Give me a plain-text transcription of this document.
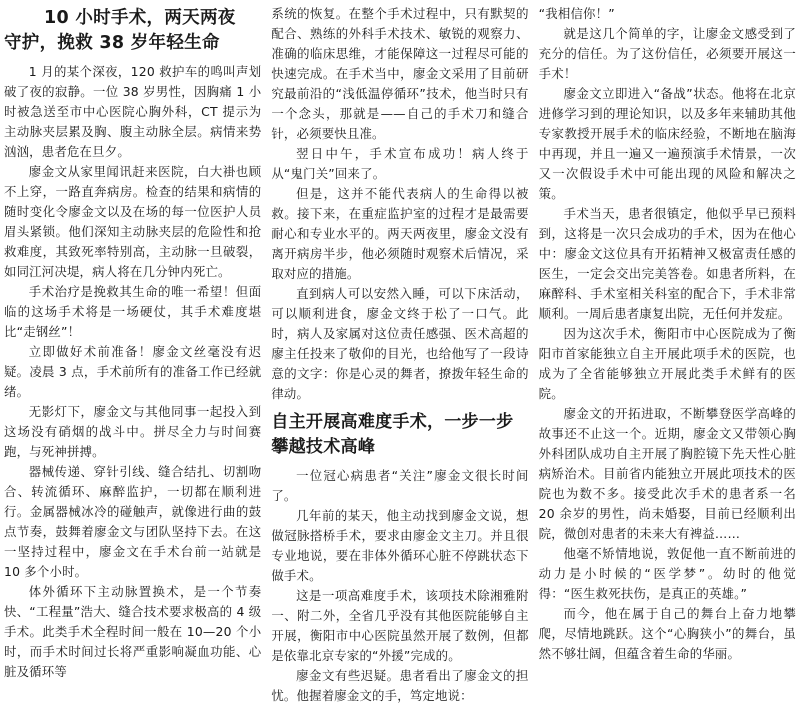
10 小时手术，两天两夜
守护，挽救 38 岁年轻生命

1 月的某个深夜，120 救护车的鸣叫声划破了夜的寂静。一位 38 岁男性，因胸痛 1 小时被急送至市中心医院心胸外科，CT 提示为主动脉夹层累及胸、腹主动脉全层。病情来势汹汹，患者危在旦夕。

廖金文从家里闻讯赶来医院，白大褂也顾不上穿，一路直奔病房。检查的结果和病情的随时变化令廖金文以及在场的每一位医护人员眉头紧锁。他们深知主动脉夹层的危险性和抢救难度，其致死率特别高，主动脉一旦破裂，如同江河决堤，病人将在几分钟内死亡。

手术治疗是挽救其生命的唯一希望！但面临的这场手术将是一场硬仗，其手术难度堪比“走钢丝”！

立即做好术前准备！廖金文丝毫没有迟疑。凌晨 3 点，手术前所有的准备工作已经就绪。

无影灯下，廖金文与其他同事一起投入到这场没有硝烟的战斗中。拼尽全力与时间赛跑，与死神拼搏。

器械传递、穿针引线、缝合结扎、切割吻合、转流循环、麻醉监护，一切都在顺利进行。金属器械冰冷的碰触声，就像进行曲的鼓点节奏，鼓舞着廖金文与团队坚持下去。在这一坚持过程中，廖金文在手术台前一站就是 10 多个小时。

体外循环下主动脉置换术，是一个节奏快、“工程量”浩大、缝合技术要求极高的 4 级手术。此类手术全程时间一般在 10—20 个小时，而手术时间过长将严重影响凝血功能、心脏及循环等

系统的恢复。在整个手术过程中，只有默契的配合、熟练的外科手术技术、敏锐的观察力、准确的临床思维，才能保障这一过程尽可能的快速完成。在手术当中，廖金文采用了目前研究最前沿的“浅低温停循环”技术，他当时只有一个念头，那就是——自己的手术刀和缝合针，必须要快且准。

翌日中午，手术宣布成功！病人终于从“鬼门关”回来了。

但是，这并不能代表病人的生命得以被救。接下来，在重症监护室的过程才是最需要耐心和专业水平的。两天两夜里，廖金文没有离开病房半步，他必须随时观察术后情况，采取对应的措施。

直到病人可以安然入睡，可以下床活动，可以顺利进食，廖金文终于松了一口气。此时，病人及家属对这位责任感强、医术高超的廖主任投来了敬仰的目光，也给他写了一段诗意的文字：你是心灵的舞者，撩拨年轻生命的律动。

自主开展高难度手术，一步一步攀越技术高峰

一位冠心病患者“关注”廖金文很长时间了。

几年前的某天，他主动找到廖金文说，想做冠脉搭桥手术，要求由廖金文主刀。并且很专业地说，要在非体外循环心脏不停跳状态下做手术。

这是一项高难度手术，该项技术除湘雅附一、附二外，全省几乎没有其他医院能够自主开展，衡阳市中心医院虽然开展了数例，但都是依靠北京专家的“外援”完成的。

廖金文有些迟疑。患者看出了廖金文的担忧。他握着廖金文的手，笃定地说：

“我相信你！”

就是这几个简单的字，让廖金文感受到了充分的信任。为了这份信任，必须要开展这一手术！

廖金文立即进入“备战”状态。他将在北京进修学习到的理论知识，以及多年来辅助其他专家教授开展手术的临床经验，不断地在脑海中再现，并且一遍又一遍预演手术情景，一次又一次假设手术中可能出现的风险和解决之策。

手术当天，患者很镇定，他似乎早已预料到，这将是一次只会成功的手术，因为在他心中：廖金文这位具有开拓精神又极富责任感的医生，一定会交出完美答卷。如患者所料，在麻醉科、手术室相关科室的配合下，手术非常顺利。一周后患者康复出院，无任何并发症。

因为这次手术，衡阳市中心医院成为了衡阳市首家能独立自主开展此项手术的医院，也成为了全省能够独立开展此类手术鲜有的医院。

廖金文的开拓进取，不断攀登医学高峰的故事还不止这一个。近期，廖金文又带领心胸外科团队成功自主开展了胸腔镜下先天性心脏病矫治术。目前省内能独立开展此项技术的医院也为数不多。接受此次手术的患者系一名 20 余岁的男性，尚未婚娶，目前已经顺利出院，微创对患者的未来大有裨益……

他毫不矫情地说，敦促他一直不断前进的动力是小时候的“医学梦”。幼时的他觉得：“医生救死扶伤，是真正的英雄。”

而今，他在属于自己的舞台上奋力地攀爬，尽情地跳跃。这个“心胸狭小”的舞台，虽然不够壮阔，但蕴含着生命的华丽。
